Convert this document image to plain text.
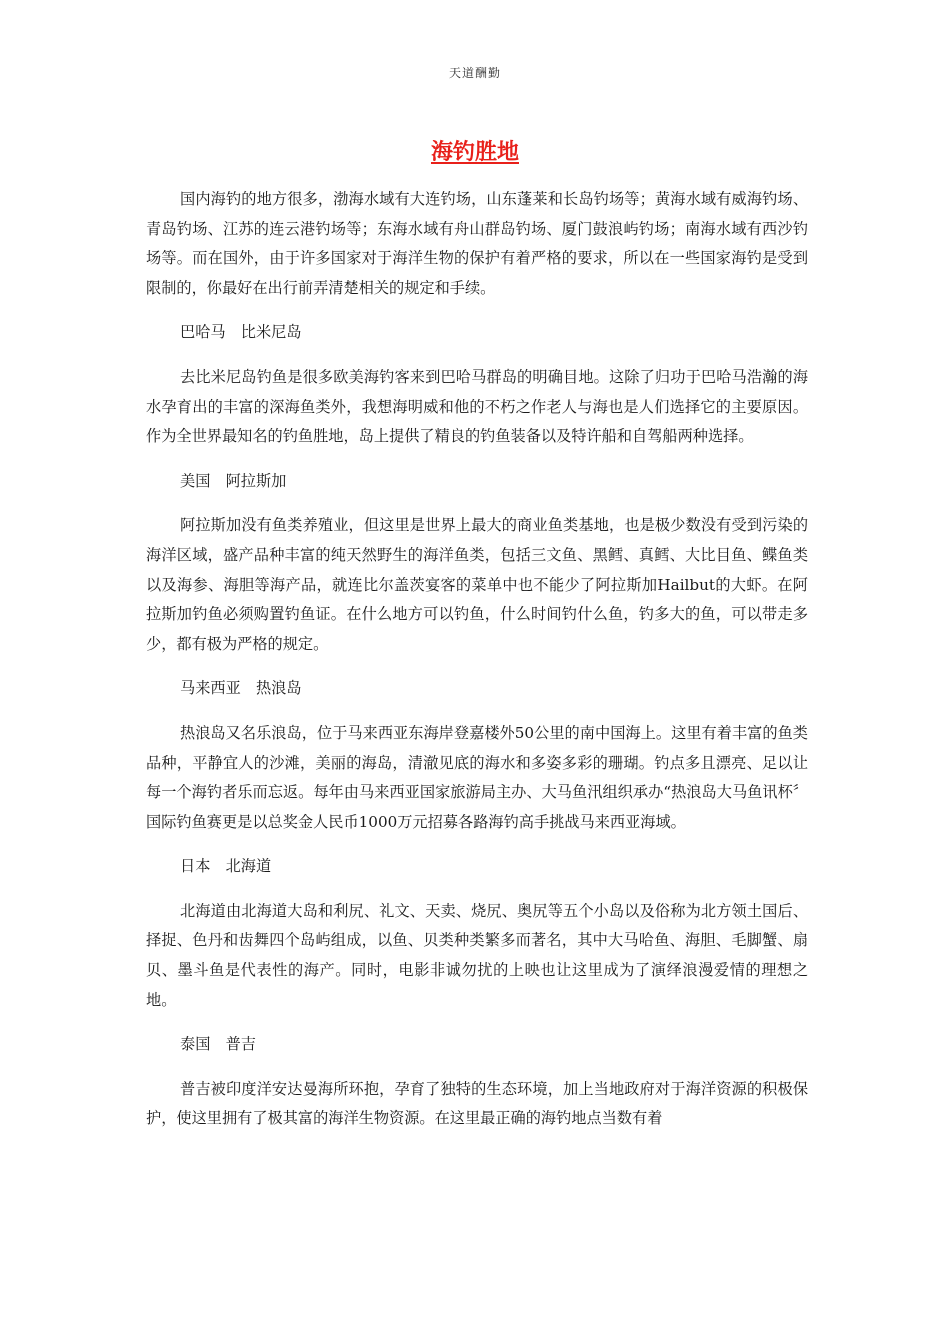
天道酬勤
海钓胜地

国内海钓的地方很多，渤海水域有大连钓场，山东蓬莱和长岛钓场等；黄海水域有威海钓场、青岛钓场、江苏的连云港钓场等；东海水域有舟山群岛钓场、厦门鼓浪屿钓场；南海水域有西沙钓场等。而在国外，由于许多国家对于海洋生物的保护有着严格的要求，所以在一些国家海钓是受到限制的，你最好在出行前弄清楚相关的规定和手续。

巴哈马　比米尼岛

去比米尼岛钓鱼是很多欧美海钓客来到巴哈马群岛的明确目地。这除了归功于巴哈马浩瀚的海水孕育出的丰富的深海鱼类外，我想海明威和他的不朽之作老人与海也是人们选择它的主要原因。作为全世界最知名的钓鱼胜地，岛上提供了精良的钓鱼装备以及特许船和自驾船两种选择。

美国　阿拉斯加

阿拉斯加没有鱼类养殖业，但这里是世界上最大的商业鱼类基地，也是极少数没有受到污染的海洋区域，盛产品种丰富的纯天然野生的海洋鱼类，包括三文鱼、黑鳕、真鳕、大比目鱼、鲽鱼类以及海参、海胆等海产品，就连比尔盖茨宴客的菜单中也不能少了阿拉斯加Hailbut的大虾。在阿拉斯加钓鱼必须购置钓鱼证。在什么地方可以钓鱼，什么时间钓什么鱼，钓多大的鱼，可以带走多少，都有极为严格的规定。

马来西亚　热浪岛

热浪岛又名乐浪岛，位于马来西亚东海岸登嘉楼外50公里的南中国海上。这里有着丰富的鱼类品种，平静宜人的沙滩，美丽的海岛，清澈见底的海水和多姿多彩的珊瑚。钓点多且漂亮、足以让每一个海钓者乐而忘返。每年由马来西亚国家旅游局主办、大马鱼汛组织承办“热浪岛大马鱼讯杯〞国际钓鱼赛更是以总奖金人民币1000万元招募各路海钓高手挑战马来西亚海域。

日本　北海道

北海道由北海道大岛和利尻、礼文、天卖、烧尻、奥尻等五个小岛以及俗称为北方领土国后、择捉、色丹和齿舞四个岛屿组成，以鱼、贝类种类繁多而著名，其中大马哈鱼、海胆、毛脚蟹、扇贝、墨斗鱼是代表性的海产。同时，电影非诚勿扰的上映也让这里成为了演绎浪漫爱情的理想之地。

泰国　普吉

普吉被印度洋安达曼海所环抱，孕育了独特的生态环境，加上当地政府对于海洋资源的积极保护，使这里拥有了极其富的海洋生物资源。在这里最正确的海钓地点当数有着
